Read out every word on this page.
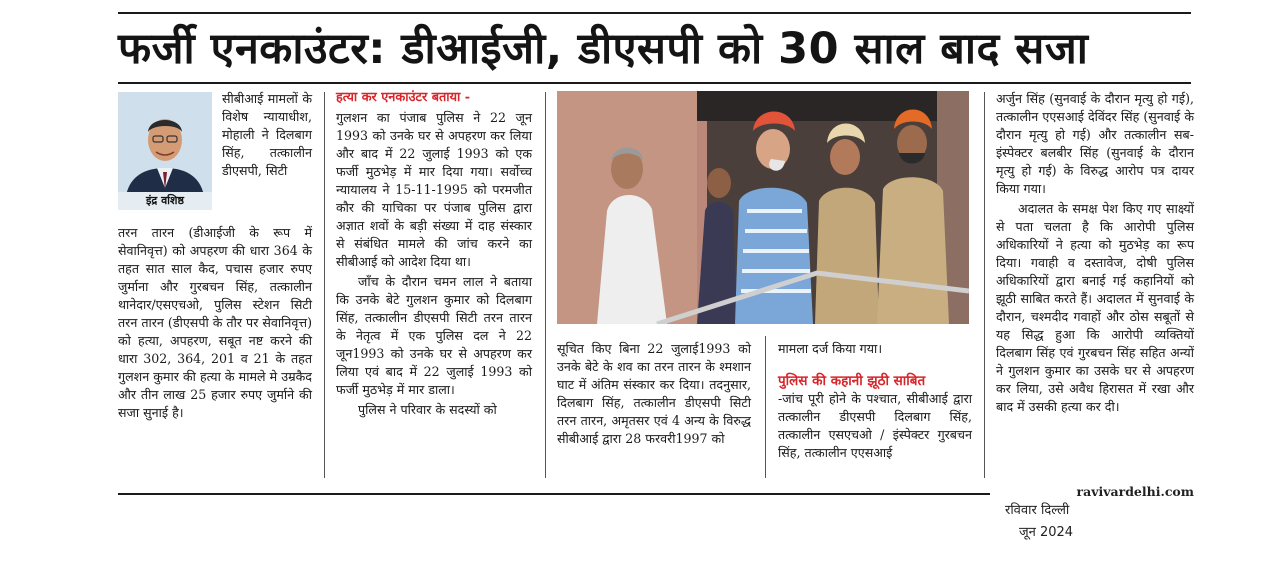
फर्जी एनकाउंटर: डीआईजी, डीएसपी को 30 साल बाद सजा
इंद्र वशिष्ठ

सीबीआई मामलों के विशेष न्यायाधीश, मोहाली ने दिलबाग सिंह, तत्कालीन डीएसपी, सिटी

तरन तारन (डीआईजी के रूप में सेवानिवृत्त) को अपहरण की धारा 364 के तहत सात साल कैद, पचास हजार रुपए जुर्माना और गुरबचन सिंह, तत्कालीन थानेदार/एसएचओ, पुलिस स्टेशन सिटी तरन तारन (डीएसपी के तौर पर सेवानिवृत्त) को हत्या, अपहरण, सबूत नष्ट करने की धारा 302, 364, 201 व 21 के तहत गुलशन कुमार की हत्या के मामले मे उम्रकैद और तीन लाख 25 हजार रुपए जुर्माने की सजा सुनाई है।

हत्या कर एनकाउंटर बताया -

गुलशन का पंजाब पुलिस ने 22 जून 1993 को उनके घर से अपहरण कर लिया और बाद में 22 जुलाई 1993 को एक फर्जी मुठभेड़ में मार दिया गया। सर्वोच्च न्यायालय ने 15-11-1995 को परमजीत कौर की याचिका पर पंजाब पुलिस द्वारा अज्ञात शवों के बड़ी संख्या में दाह संस्कार से संबंधित मामले की जांच करने का सीबीआई को आदेश दिया था।

जाँच के दौरान चमन लाल ने बताया कि उनके बेटे गुलशन कुमार को दिलबाग सिंह, तत्कालीन डीएसपी सिटी तरन तारन के नेतृत्व में एक पुलिस दल ने 22 जून1993 को उनके घर से अपहरण कर लिया एवं बाद में 22 जुलाई 1993 को फर्जी मुठभेड़ में मार डाला।

पुलिस ने परिवार के सदस्यों को

सूचित किए बिना 22 जुलाई1993 को उनके बेटे के शव का तरन तारन के श्मशान घाट में अंतिम संस्कार कर दिया। तदनुसार, दिलबाग सिंह, तत्कालीन डीएसपी सिटी तरन तारन, अमृतसर एवं 4 अन्य के विरुद्ध सीबीआई द्वारा 28 फरवरी1997 को

मामला दर्ज किया गया।

पुलिस की कहानी झूठी साबित

-जांच पूरी होने के पश्चात, सीबीआई द्वारा तत्कालीन डीएसपी दिलबाग सिंह, तत्कालीन एसएचओ / इंस्पेक्टर गुरबचन सिंह, तत्कालीन एएसआई

अर्जुन सिंह (सुनवाई के दौरान मृत्यु हो गई), तत्कालीन एएसआई देविंदर सिंह (सुनवाई के दौरान मृत्यु हो गई) और तत्कालीन सब- इंस्पेक्टर बलबीर सिंह (सुनवाई के दौरान मृत्यु हो गई) के विरुद्ध आरोप पत्र दायर किया गया।

अदालत के समक्ष पेश किए गए साक्ष्यों से पता चलता है कि आरोपी पुलिस अधिकारियों ने हत्या को मुठभेड़ का रूप दिया। गवाही व दस्तावेज, दोषी पुलिस अधिकारियों द्वारा बनाई गई कहानियों को झूठी साबित करते हैं। अदालत में सुनवाई के दौरान, चश्मदीद गवाहों और ठोस सबूतों से यह सिद्ध हुआ कि आरोपी व्यक्तियों दिलबाग सिंह एवं गुरबचन सिंह सहित अन्यों ने गुलशन कुमार का उसके घर से अपहरण कर लिया, उसे अवैध हिरासत में रखा और बाद में उसकी हत्या कर दी।

ravivardelhi.com
रविवार दिल्ली
जून 2024
